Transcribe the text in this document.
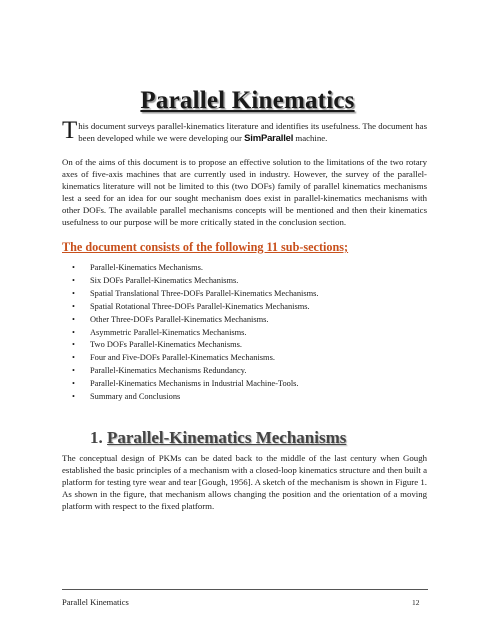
Parallel Kinematics

This document surveys parallel-kinematics literature and identifies its usefulness. The document has been developed while we were developing our SimParallel machine.

On of the aims of this document is to propose an effective solution to the limitations of the two rotary axes of five-axis machines that are currently used in industry. However, the survey of the parallel-kinematics literature will not be limited to this (two DOFs) family of parallel kinematics mechanisms lest a seed for an idea for our sought mechanism does exist in parallel-kinematics mechanisms with other DOFs. The available parallel mechanisms concepts will be mentioned and then their kinematics usefulness to our purpose will be more critically stated in the conclusion section.

The document consists of the following 11 sub-sections;
• Parallel-Kinematics Mechanisms.
• Six DOFs Parallel-Kinematics Mechanisms.
• Spatial Translational Three-DOFs Parallel-Kinematics Mechanisms.
• Spatial Rotational Three-DOFs Parallel-Kinematics Mechanisms.
• Other Three-DOFs Parallel-Kinematics Mechanisms.
• Asymmetric Parallel-Kinematics Mechanisms.
• Two DOFs Parallel-Kinematics Mechanisms.
• Four and Five-DOFs Parallel-Kinematics Mechanisms.
• Parallel-Kinematics Mechanisms Redundancy.
• Parallel-Kinematics Mechanisms in Industrial Machine-Tools.
• Summary and Conclusions
1. Parallel-Kinematics Mechanisms

The conceptual design of PKMs can be dated back to the middle of the last century when Gough established the basic principles of a mechanism with a closed-loop kinematics structure and then built a platform for testing tyre wear and tear [Gough, 1956]. A sketch of the mechanism is shown in Figure 1. As shown in the figure, that mechanism allows changing the position and the orientation of a moving platform with respect to the fixed platform.

Parallel Kinematics	12
